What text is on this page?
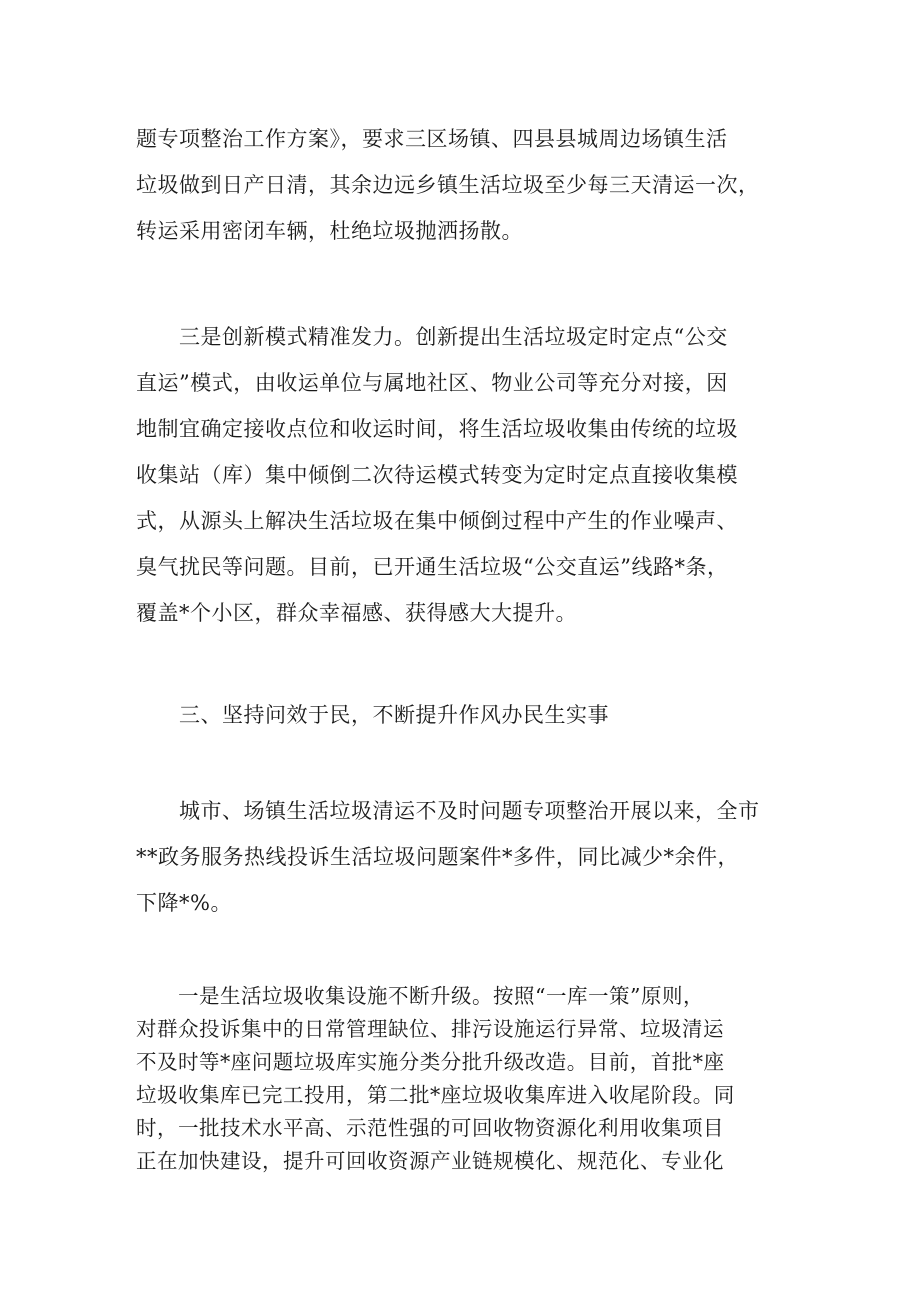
题专项整治工作方案》，要求三区场镇、四县县城周边场镇生活
垃圾做到日产日清，其余边远乡镇生活垃圾至少每三天清运一次，
转运采用密闭车辆，杜绝垃圾抛洒扬散。

　　三是创新模式精准发力。创新提出生活垃圾定时定点“公交
直运”模式，由收运单位与属地社区、物业公司等充分对接，因
地制宜确定接收点位和收运时间，将生活垃圾收集由传统的垃圾
收集站（库）集中倾倒二次待运模式转变为定时定点直接收集模
式，从源头上解决生活垃圾在集中倾倒过程中产生的作业噪声、
臭气扰民等问题。目前，已开通生活垃圾“公交直运”线路*条，
覆盖*个小区，群众幸福感、获得感大大提升。

　　三、坚持问效于民，不断提升作风办民生实事

　　城市、场镇生活垃圾清运不及时问题专项整治开展以来，全市
**政务服务热线投诉生活垃圾问题案件*多件，同比减少*余件，
下降*%。

　　一是生活垃圾收集设施不断升级。按照“一库一策”原则，
对群众投诉集中的日常管理缺位、排污设施运行异常、垃圾清运
不及时等*座问题垃圾库实施分类分批升级改造。目前，首批*座
垃圾收集库已完工投用，第二批*座垃圾收集库进入收尾阶段。同
时，一批技术水平高、示范性强的可回收物资源化利用收集项目
正在加快建设，提升可回收资源产业链规模化、规范化、专业化
